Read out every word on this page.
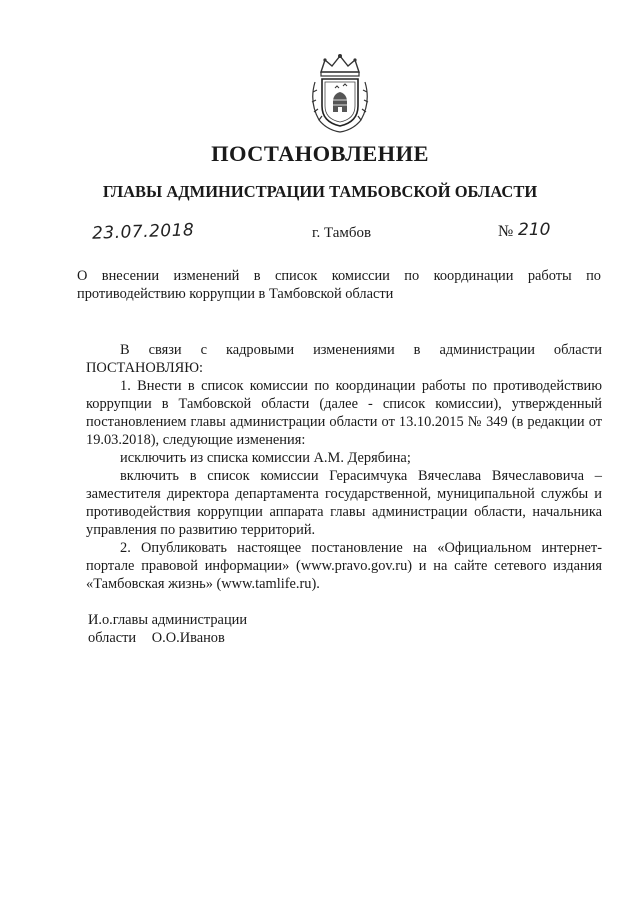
ПОСТАНОВЛЕНИЕ
ГЛАВЫ АДМИНИСТРАЦИИ ТАМБОВСКОЙ ОБЛАСТИ
23.07.2018	г. Тамбов	№ 210

О внесении изменений в список комиссии по координации работы по противодействию коррупции в Тамбовской области

В связи с кадровыми изменениями в администрации области

ПОСТАНОВЛЯЮ:

1. Внести в список комиссии по координации работы по противодействию коррупции в Тамбовской области (далее - список комиссии), утвержденный постановлением главы администрации области от 13.10.2015 № 349 (в редакции от 19.03.2018), следующие изменения:

исключить из списка комиссии А.М. Дерябина;

включить в список комиссии Герасимчука Вячеслава Вячеславовича – заместителя директора департамента государственной, муниципальной службы и противодействия коррупции аппарата главы администрации области, начальника управления по развитию территорий.

2. Опубликовать настоящее постановление на «Официальном интернет-портале правовой информации» (www.pravo.gov.ru) и на сайте сетевого издания «Тамбовская жизнь» (www.tamlife.ru).

И.о.главы администрации
области О.О.Иванов
